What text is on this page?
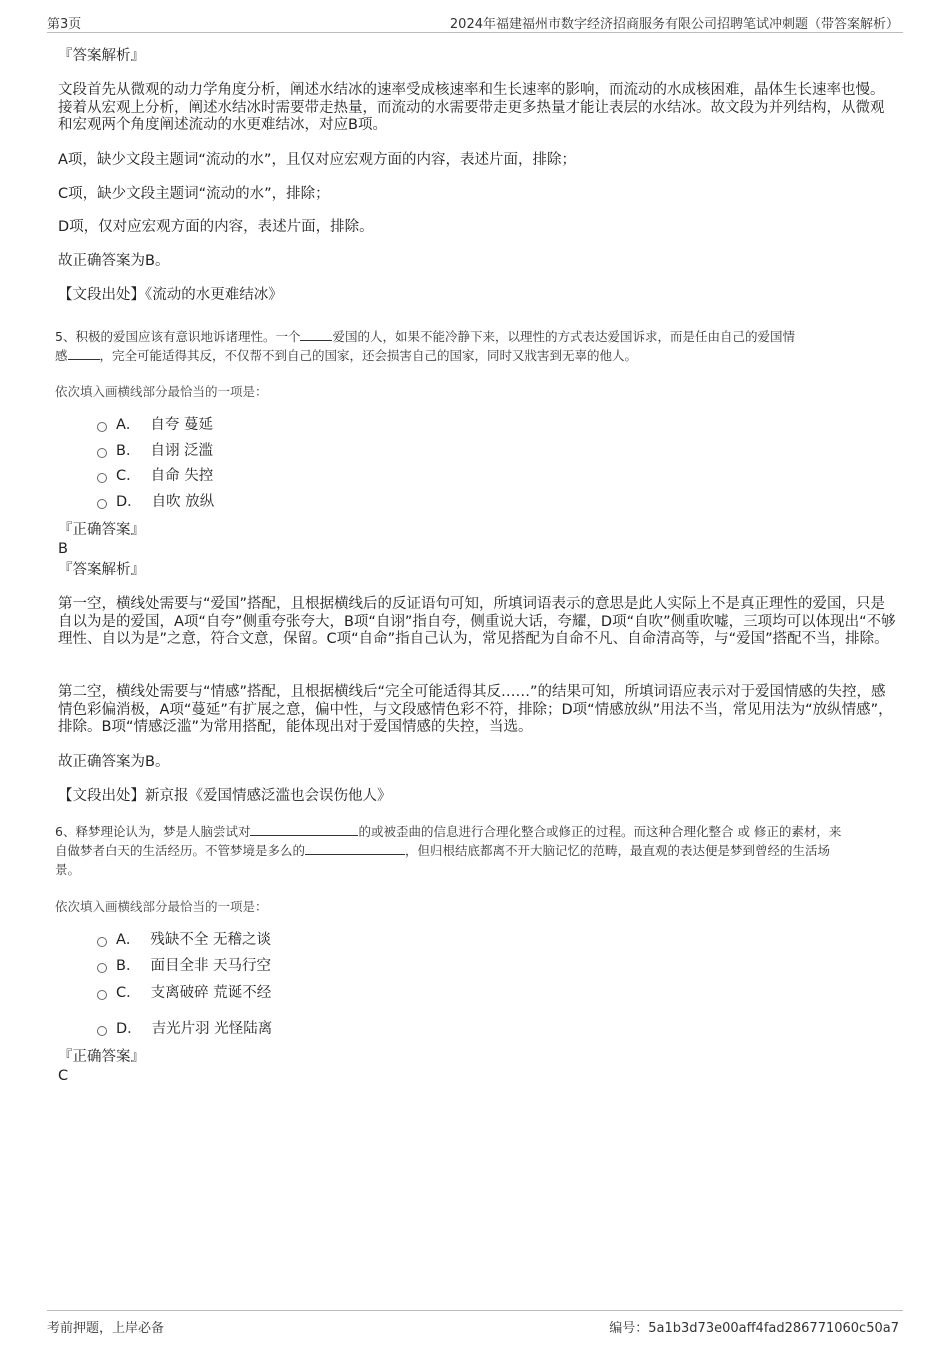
第3页	2024年福建福州市数字经济招商服务有限公司招聘笔试冲刺题（带答案解析）
『答案解析』
文段首先从微观的动力学角度分析，阐述水结冰的速率受成核速率和生长速率的影响，而流动的水成核困难，晶体生长速率也慢。接着从宏观上分析，阐述水结冰时需要带走热量，而流动的水需要带走更多热量才能让表层的水结冰。故文段为并列结构，从微观和宏观两个角度阐述流动的水更难结冰，对应B项。
A项，缺少文段主题词“流动的水”，且仅对应宏观方面的内容，表述片面，排除；
C项，缺少文段主题词“流动的水”，排除；
D项，仅对应宏观方面的内容，表述片面，排除。
故正确答案为B。
【文段出处】《流动的水更难结冰》
5、积极的爱国应该有意识地诉诸理性。一个	爱国的人，如果不能冷静下来，以理性的方式表达爱国诉求，而是任由自己的爱国情
感	，完全可能适得其反，不仅帮不到自己的国家，还会损害自己的国家，同时又戕害到无辜的他人。
依次填入画横线部分最恰当的一项是：
A． 自夸 蔓延
B． 自诩 泛滥
C． 自命 失控
D． 自吹 放纵
『正确答案』
B
『答案解析』
第一空，横线处需要与“爱国”搭配，且根据横线后的反证语句可知，所填词语表示的意思是此人实际上不是真正理性的爱国，只是自以为是的爱国，A项“自夸”侧重夸张夸大，B项“自诩”指自夸，侧重说大话，夸耀，D项“自吹”侧重吹嘘，三项均可以体现出“不够理性、自以为是”之意，符合文意，保留。C项“自命”指自己认为，常见搭配为自命不凡、自命清高等，与“爱国”搭配不当，排除。
第二空，横线处需要与“情感”搭配，且根据横线后“完全可能适得其反……”的结果可知，所填词语应表示对于爱国情感的失控，感情色彩偏消极，A项“蔓延”有扩展之意，偏中性，与文段感情色彩不符，排除；D项“情感放纵”用法不当，常见用法为“放纵情感”，排除。B项“情感泛滥”为常用搭配，能体现出对于爱国情感的失控，当选。
故正确答案为B。
【文段出处】新京报《爱国情感泛滥也会误伤他人》
6、释梦理论认为，梦是人脑尝试对	的或被歪曲的信息进行合理化整合或修正的过程。而这种合理化整合 或 修正的素材，来
自做梦者白天的生活经历。不管梦境是多么的	，但归根结底都离不开大脑记忆的范畴，最直观的表达便是梦到曾经的生活场
景。
依次填入画横线部分最恰当的一项是：
A． 残缺不全 无稽之谈
B． 面目全非 天马行空
C． 支离破碎 荒诞不经
D． 吉光片羽 光怪陆离
『正确答案』
C
考前押题，上岸必备	编号：5a1b3d73e00aff4fad286771060c50a7
